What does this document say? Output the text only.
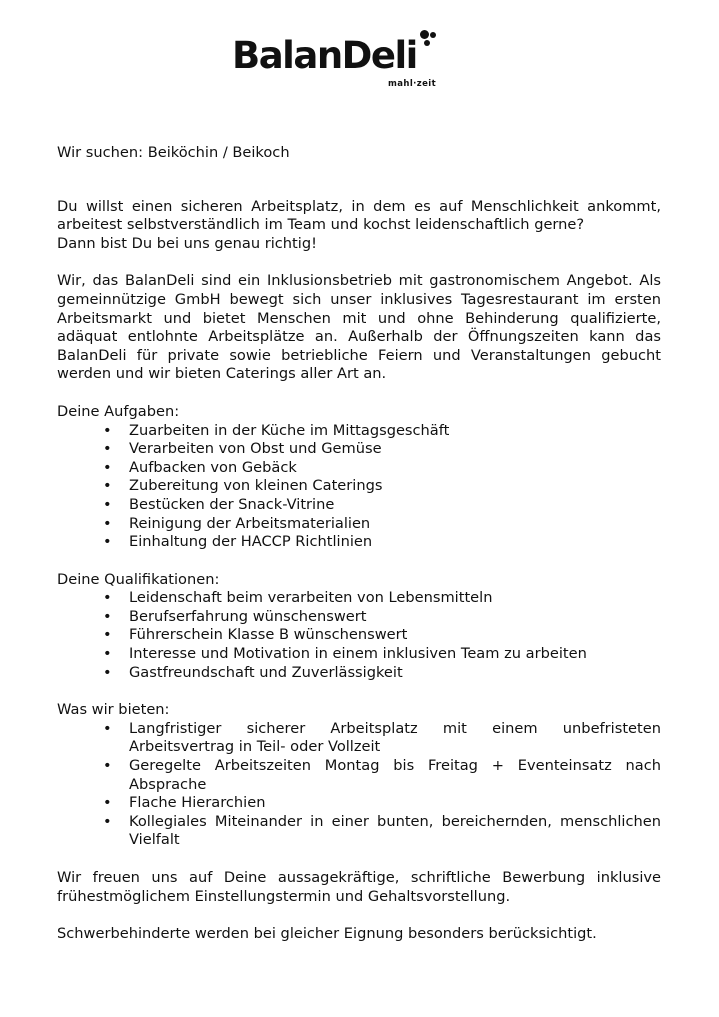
BalanDeli
mahl·zeit

Wir suchen: Beiköchin / Beikoch

Du willst einen sicheren Arbeitsplatz, in dem es auf Menschlichkeit ankommt, arbeitest selbstverständlich im Team und kochst leidenschaftlich gerne?

Dann bist Du bei uns genau richtig!

Wir, das BalanDeli sind ein Inklusionsbetrieb mit gastronomischem Angebot. Als gemeinnützige GmbH bewegt sich unser inklusives Tagesrestaurant im ersten Arbeitsmarkt und bietet Menschen mit und ohne Behinderung qualifizierte, adäquat entlohnte Arbeitsplätze an. Außerhalb der Öffnungszeiten kann das BalanDeli für private sowie betriebliche Feiern und Veranstaltungen gebucht werden und wir bieten Caterings aller Art an.

Deine Aufgaben:

• Zuarbeiten in der Küche im Mittagsgeschäft
• Verarbeiten von Obst und Gemüse
• Aufbacken von Gebäck
• Zubereitung von kleinen Caterings
• Bestücken der Snack-Vitrine
• Reinigung der Arbeitsmaterialien
• Einhaltung der HACCP Richtlinien

Deine Qualifikationen:

• Leidenschaft beim verarbeiten von Lebensmitteln
• Berufserfahrung wünschenswert
• Führerschein Klasse B wünschenswert
• Interesse und Motivation in einem inklusiven Team zu arbeiten
• Gastfreundschaft und Zuverlässigkeit

Was wir bieten:

• Langfristiger sicherer Arbeitsplatz mit einem unbefristeten Arbeitsvertrag in Teil- oder Vollzeit
• Geregelte Arbeitszeiten Montag bis Freitag + Eventeinsatz nach Absprache
• Flache Hierarchien
• Kollegiales Miteinander in einer bunten, bereichernden, menschlichen Vielfalt

Wir freuen uns auf Deine aussagekräftige, schriftliche Bewerbung inklusive frühestmöglichem Einstellungstermin und Gehaltsvorstellung.

Schwerbehinderte werden bei gleicher Eignung besonders berücksichtigt.
